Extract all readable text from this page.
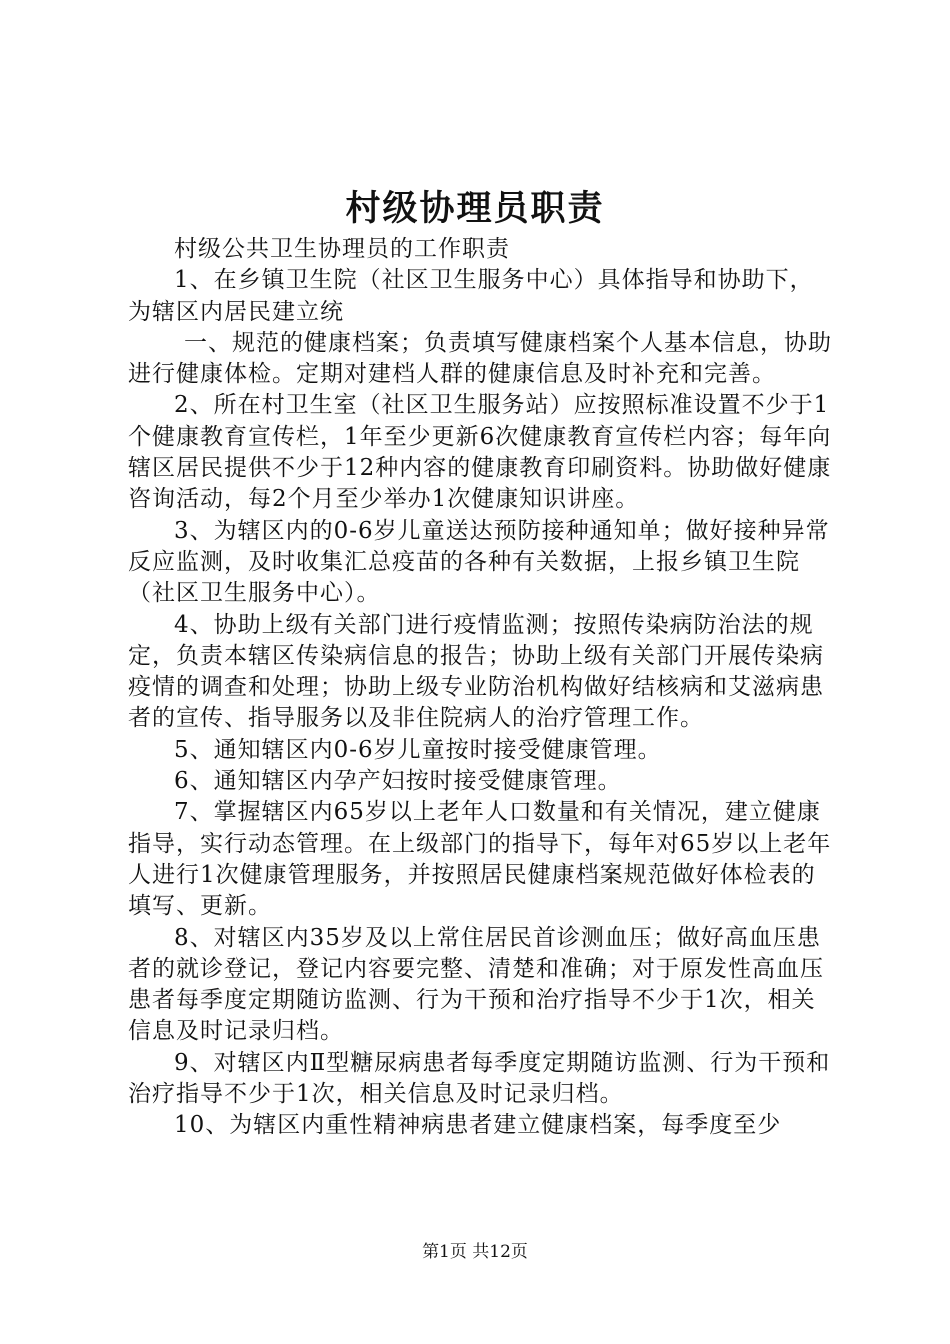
村级协理员职责

村级公共卫生协理员的工作职责

1、在乡镇卫生院（社区卫生服务中心）具体指导和协助下，为辖区内居民建立统

一、规范的健康档案；负责填写健康档案个人基本信息，协助进行健康体检。定期对建档人群的健康信息及时补充和完善。

2、所在村卫生室（社区卫生服务站）应按照标准设置不少于1个健康教育宣传栏，1年至少更新6次健康教育宣传栏内容；每年向辖区居民提供不少于12种内容的健康教育印刷资料。协助做好健康咨询活动，每2个月至少举办1次健康知识讲座。

3、为辖区内的0-6岁儿童送达预防接种通知单；做好接种异常反应监测，及时收集汇总疫苗的各种有关数据，上报乡镇卫生院（社区卫生服务中心）。

4、协助上级有关部门进行疫情监测；按照传染病防治法的规定，负责本辖区传染病信息的报告；协助上级有关部门开展传染病疫情的调查和处理；协助上级专业防治机构做好结核病和艾滋病患者的宣传、指导服务以及非住院病人的治疗管理工作。

5、通知辖区内0-6岁儿童按时接受健康管理。

6、通知辖区内孕产妇按时接受健康管理。

7、掌握辖区内65岁以上老年人口数量和有关情况，建立健康指导，实行动态管理。在上级部门的指导下，每年对65岁以上老年人进行1次健康管理服务，并按照居民健康档案规范做好体检表的填写、更新。

8、对辖区内35岁及以上常住居民首诊测血压；做好高血压患者的就诊登记，登记内容要完整、清楚和准确；对于原发性高血压患者每季度定期随访监测、行为干预和治疗指导不少于1次，相关信息及时记录归档。

9、对辖区内Ⅱ型糖尿病患者每季度定期随访监测、行为干预和治疗指导不少于1次，相关信息及时记录归档。

10、为辖区内重性精神病患者建立健康档案，每季度至少

第1页 共12页
